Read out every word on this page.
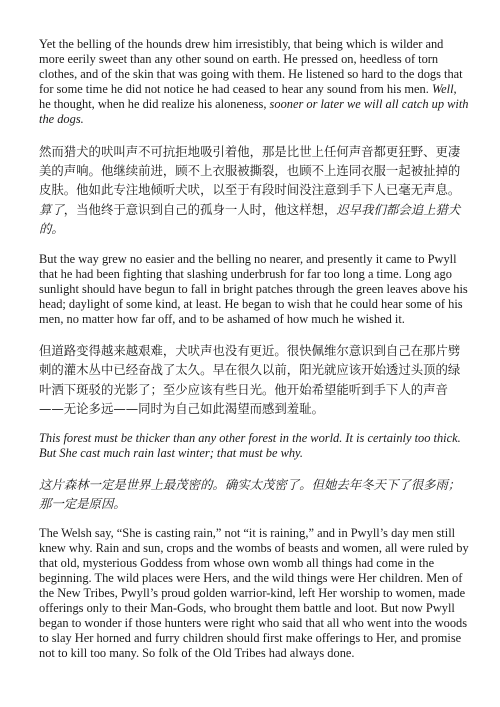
Yet the belling of the hounds drew him irresistibly, that being which is wilder and more eerily sweet than any other sound on earth. He pressed on, heedless of torn clothes, and of the skin that was going with them. He listened so hard to the dogs that for some time he did not notice he had ceased to hear any sound from his men. Well, he thought, when he did realize his aloneness, sooner or later we will all catch up with the dogs.

然而猎犬的吠叫声不可抗拒地吸引着他，那是比世上任何声音都更狂野、更凄美的声响。他继续前进，顾不上衣服被撕裂，也顾不上连同衣服一起被扯掉的皮肤。他如此专注地倾听犬吠，以至于有段时间没注意到手下人已毫无声息。算了，当他终于意识到自己的孤身一人时，他这样想，迟早我们都会追上猎犬的。

But the way grew no easier and the belling no nearer, and presently it came to Pwyll that he had been fighting that slashing underbrush for far too long a time. Long ago sunlight should have begun to fall in bright patches through the green leaves above his head; daylight of some kind, at least. He began to wish that he could hear some of his men, no matter how far off, and to be ashamed of how much he wished it.

但道路变得越来越艰难，犬吠声也没有更近。很快佩维尔意识到自己在那片劈刺的灌木丛中已经奋战了太久。早在很久以前，阳光就应该开始透过头顶的绿叶洒下斑驳的光影了；至少应该有些日光。他开始希望能听到手下人的声音——无论多远——同时为自己如此渴望而感到羞耻。

This forest must be thicker than any other forest in the world. It is certainly too thick. But She cast much rain last winter; that must be why.

这片森林一定是世界上最茂密的。确实太茂密了。但她去年冬天下了很多雨；那一定是原因。

The Welsh say, “She is casting rain,” not “it is raining,” and in Pwyll’s day men still knew why. Rain and sun, crops and the wombs of beasts and women, all were ruled by that old, mysterious Goddess from whose own womb all things had come in the beginning. The wild places were Hers, and the wild things were Her children. Men of the New Tribes, Pwyll’s proud golden warrior-kind, left Her worship to women, made offerings only to their Man-Gods, who brought them battle and loot. But now Pwyll began to wonder if those hunters were right who said that all who went into the woods to slay Her horned and furry children should first make offerings to Her, and promise not to kill too many. So folk of the Old Tribes had always done.
